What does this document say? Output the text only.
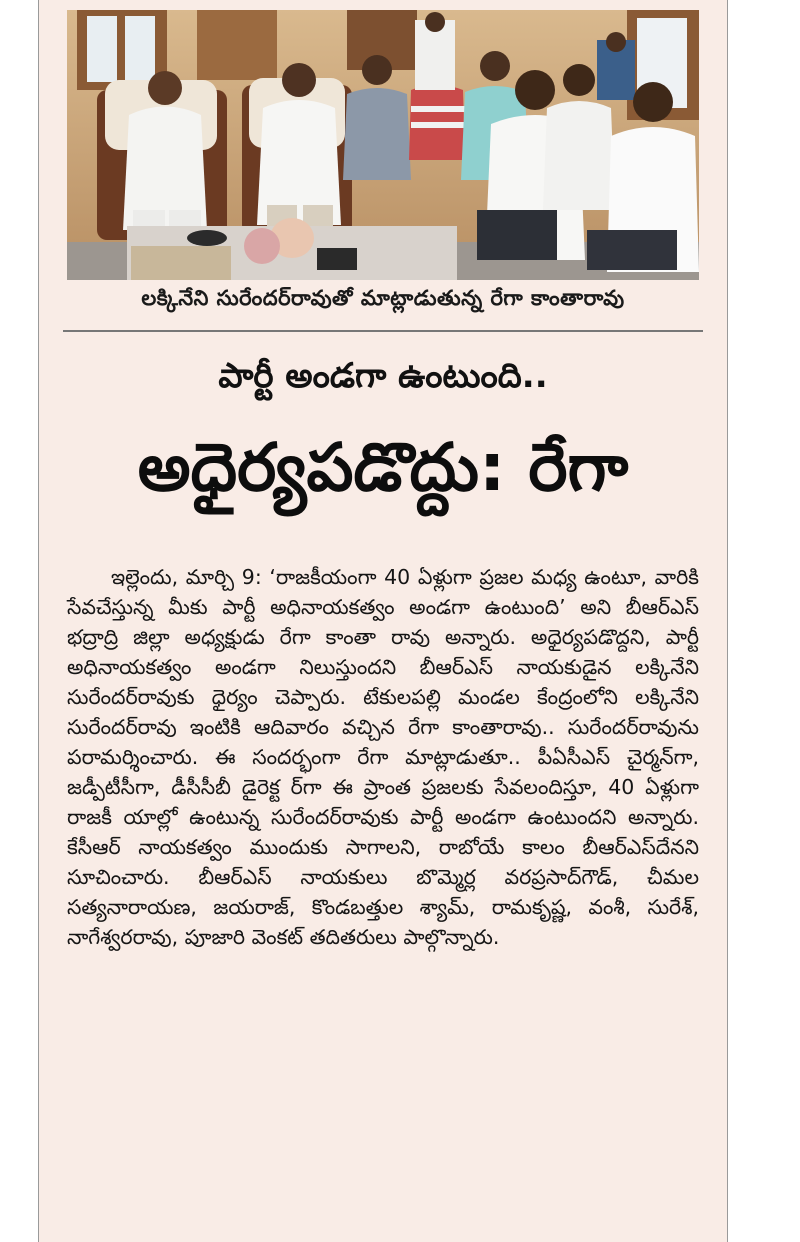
లక్కినేని సురేందర్‌రావుతో మాట్లాడుతున్న రేగా కాంతారావు
పార్టీ అండగా ఉంటుంది..
అధైర్యపడొద్దు: రేగా

ఇల్లెందు, మార్చి 9: ‘రాజకీయంగా 40 ఏళ్లుగా ప్రజల మధ్య ఉంటూ, వారికి సేవచేస్తున్న మీకు పార్టీ అధినాయకత్వం అండగా ఉంటుంది’ అని బీఆర్‌ఎస్ భద్రాద్రి జిల్లా అధ్యక్షుడు రేగా కాంతా రావు అన్నారు. అధైర్యపడొద్దని, పార్టీ అధినాయకత్వం అండగా నిలుస్తుందని బీఆర్‌ఎస్ నాయకుడైన లక్కినేని సురేందర్‌రావుకు ధైర్యం చెప్పారు. టేకులపల్లి మండల కేంద్రంలోని లక్కినేని సురేందర్‌రావు ఇంటికి ఆదివారం వచ్చిన రేగా కాంతారావు.. సురేందర్‌రావును పరామర్శించారు. ఈ సందర్భంగా రేగా మాట్లాడుతూ.. పీఏసీఎస్ చైర్మన్‌గా, జడ్పీటీసీగా, డీసీసీబీ డైరెక్ట ర్‌గా ఈ ప్రాంత ప్రజలకు సేవలందిస్తూ, 40 ఏళ్లుగా రాజకీ యాల్లో ఉంటున్న సురేందర్‌రావుకు పార్టీ అండగా ఉంటుందని అన్నారు. కేసీఆర్ నాయకత్వం ముందుకు సాగాలని, రాబోయే కాలం బీఆర్‌ఎస్‌దేనని సూచించారు. బీఆర్‌ఎస్ నాయకులు బొమ్మెర్ల వరప్రసాద్‌గౌడ్, చీమల సత్యనారాయణ, జయరాజ్, కొండబత్తుల శ్యామ్, రామకృష్ణ, వంశీ, సురేశ్, నాగేశ్వరరావు, పూజారి వెంకట్ తదితరులు పాల్గొన్నారు.
